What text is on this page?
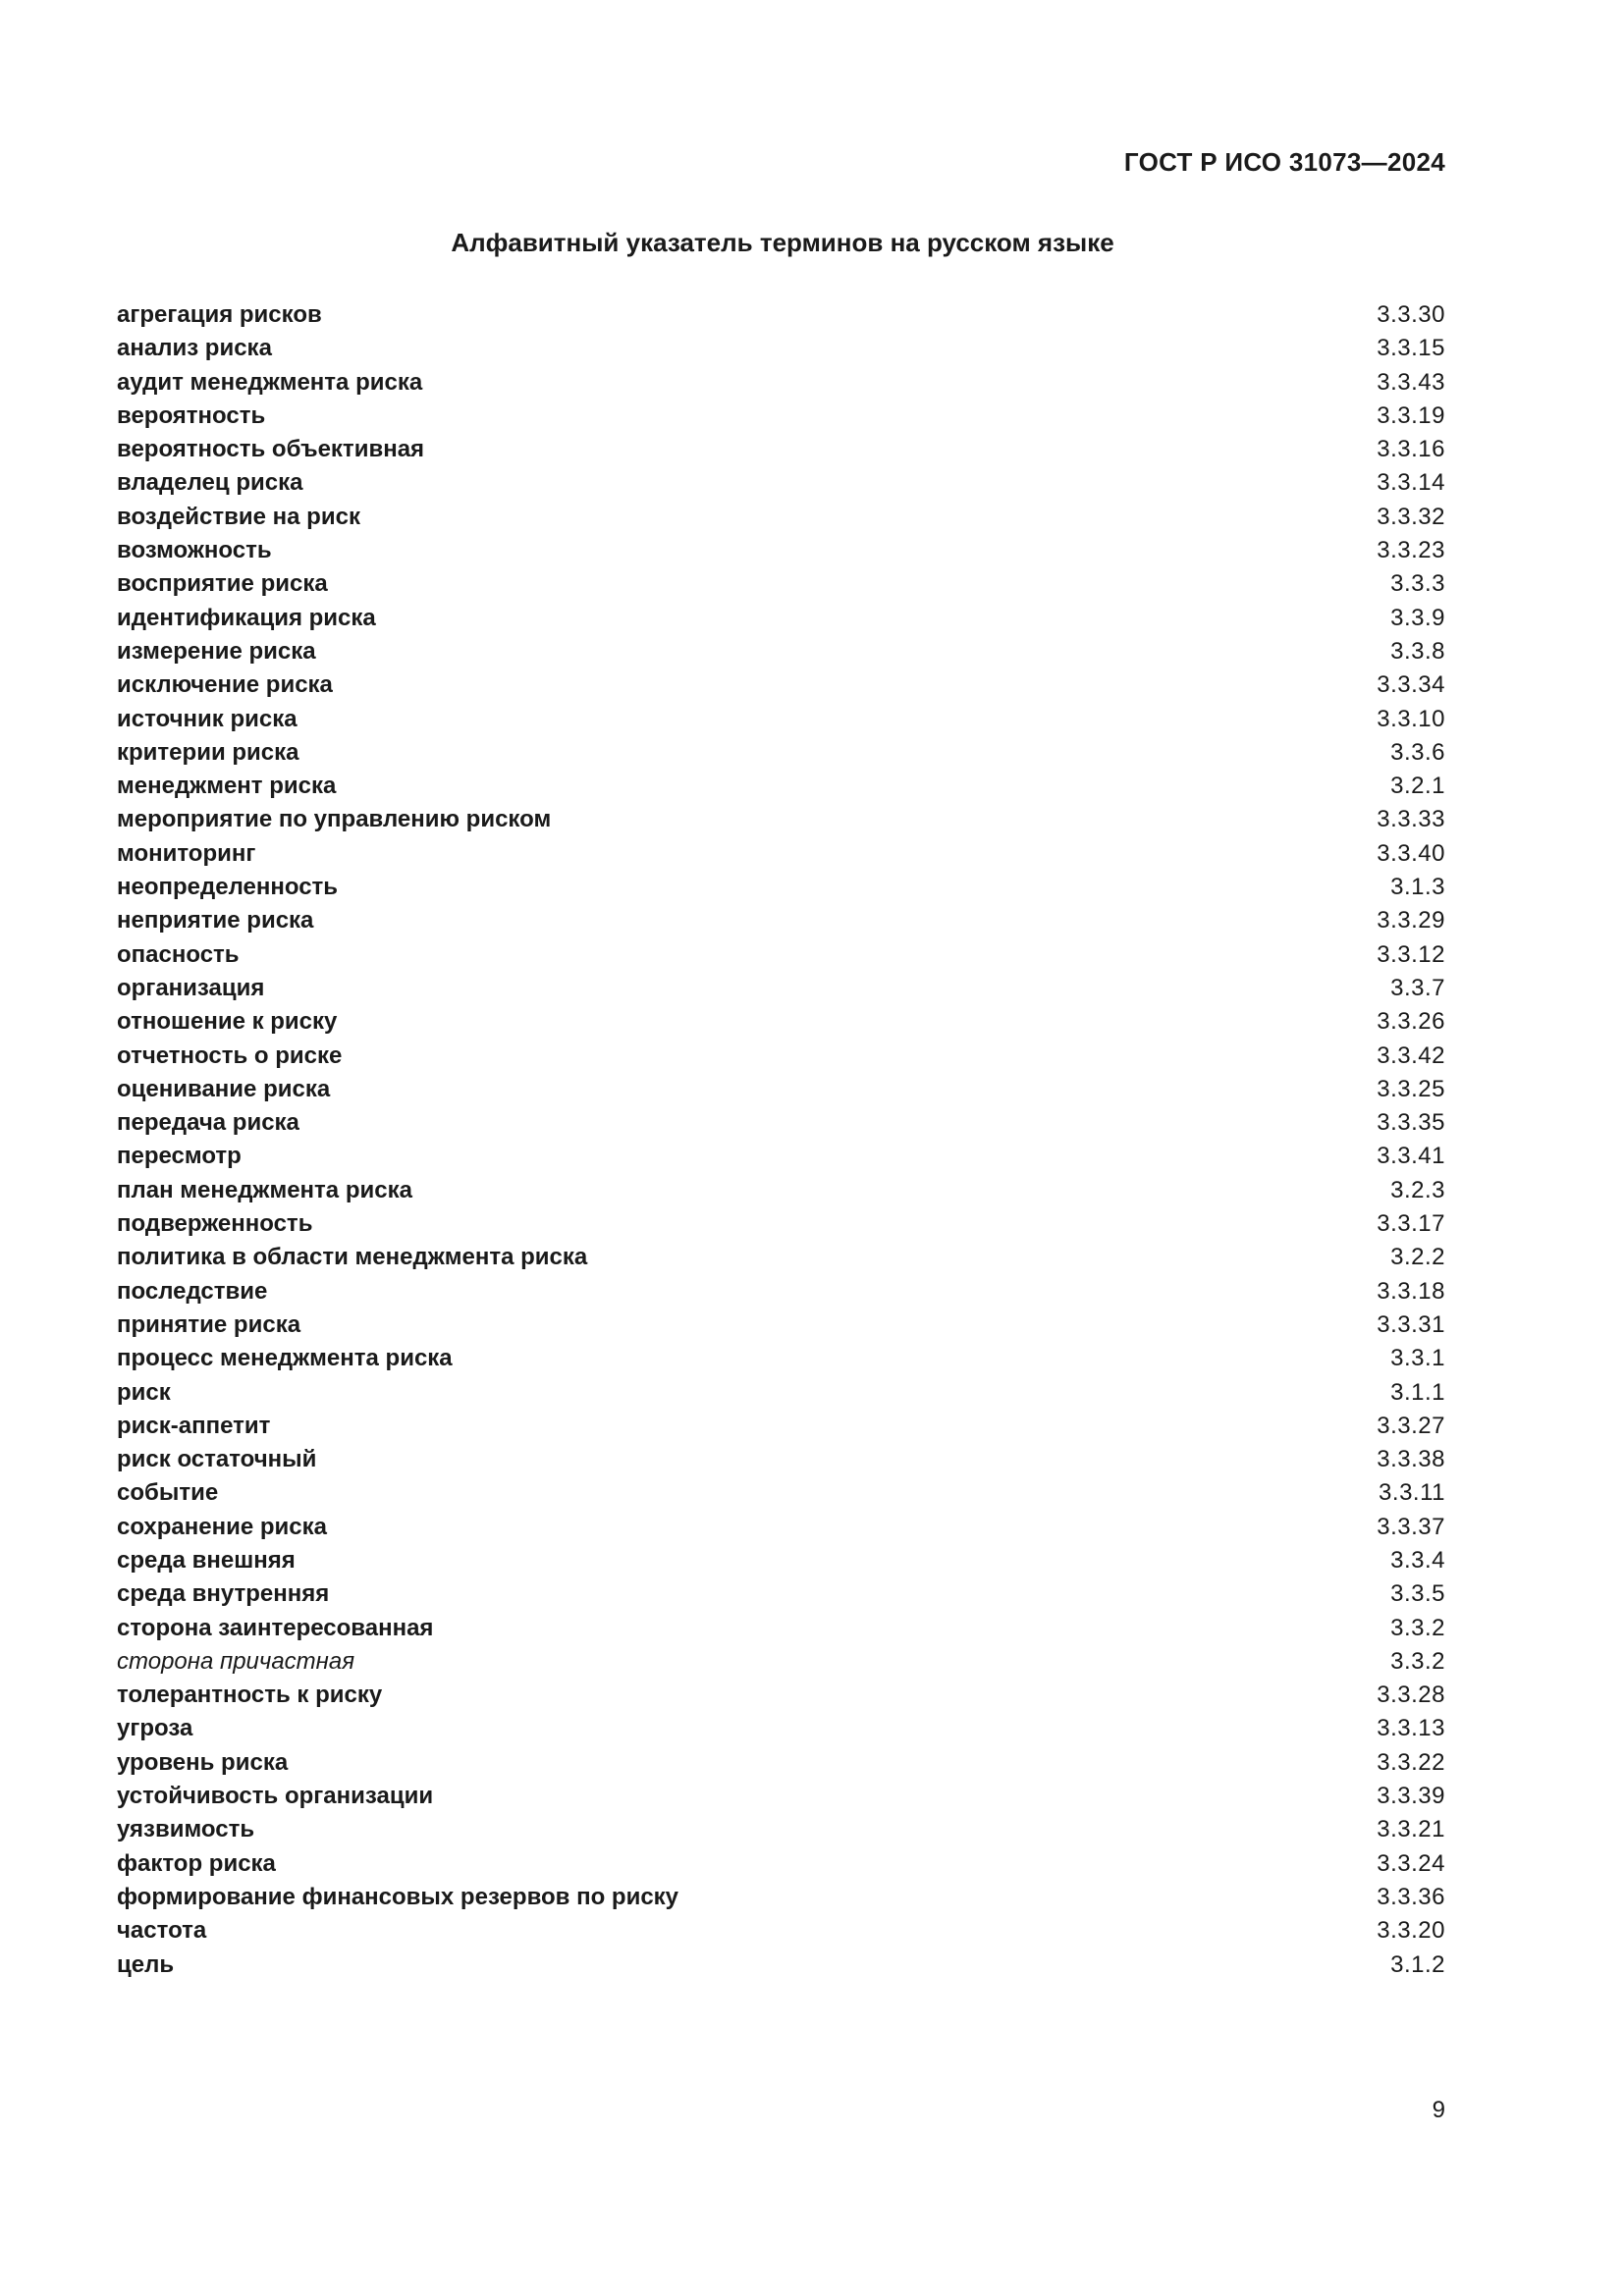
ГОСТ Р ИСО 31073—2024

Алфавитный указатель терминов на русском языке
агрегация рисков	3.3.30
анализ риска	3.3.15
аудит менеджмента риска	3.3.43
вероятность	3.3.19
вероятность объективная	3.3.16
владелец риска	3.3.14
воздействие на риск	3.3.32
возможность	3.3.23
восприятие риска	3.3.3
идентификация риска	3.3.9
измерение риска	3.3.8
исключение риска	3.3.34
источник риска	3.3.10
критерии риска	3.3.6
менеджмент риска	3.2.1
мероприятие по управлению риском	3.3.33
мониторинг	3.3.40
неопределенность	3.1.3
неприятие риска	3.3.29
опасность	3.3.12
организация	3.3.7
отношение к риску	3.3.26
отчетность о риске	3.3.42
оценивание риска	3.3.25
передача риска	3.3.35
пересмотр	3.3.41
план менеджмента риска	3.2.3
подверженность	3.3.17
политика в области менеджмента риска	3.2.2
последствие	3.3.18
принятие риска	3.3.31
процесс менеджмента риска	3.3.1
риск	3.1.1
риск-аппетит	3.3.27
риск остаточный	3.3.38
событие	3.3.11
сохранение риска	3.3.37
среда внешняя	3.3.4
среда внутренняя	3.3.5
сторона заинтересованная	3.3.2
сторона причастная	3.3.2
толерантность к риску	3.3.28
угроза	3.3.13
уровень риска	3.3.22
устойчивость организации	3.3.39
уязвимость	3.3.21
фактор риска	3.3.24
формирование финансовых резервов по риску	3.3.36
частота	3.3.20
цель	3.1.2

9
